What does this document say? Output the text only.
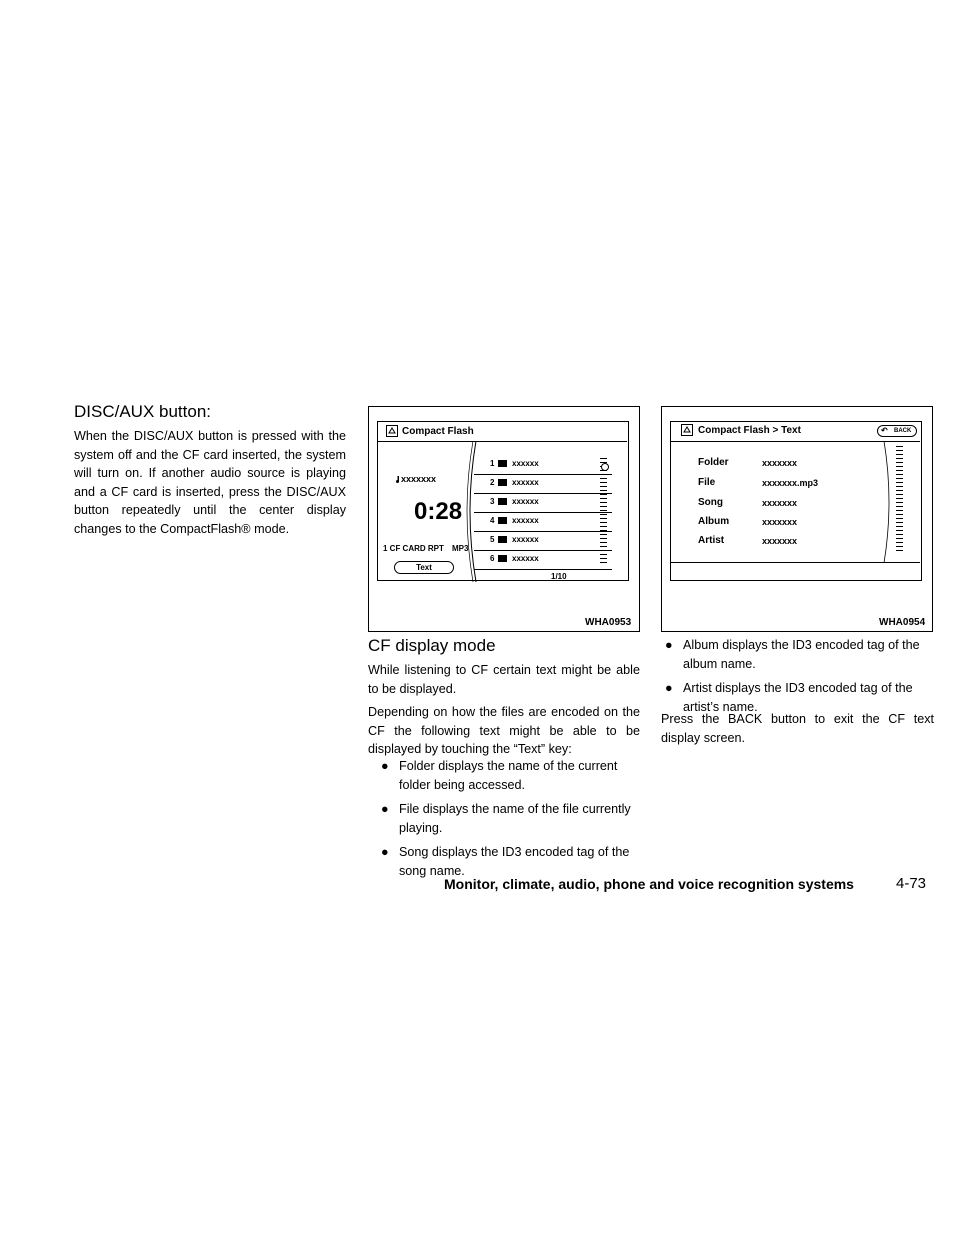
DISC/AUX button:

When the DISC/AUX button is pressed with the system off and the CF card inserted, the system will turn on. If another audio source is playing and a CF card is inserted, press the DISC/AUX button repeatedly until the center display changes to the CompactFlash® mode.

Compact Flash
xxxxxxx
0:28
1 CF CARD RPT MP3
Text
1 xxxxxx
2 xxxxxx
3 xxxxxx
4 xxxxxx
5 xxxxxx
6 xxxxxx
1/10
WHA0953
Compact Flash > Text	↶ BACK
Folder	xxxxxxx
File	xxxxxxx.mp3
Song	xxxxxxx
Album	xxxxxxx
Artist	xxxxxxx
WHA0954
CF display mode

While listening to CF certain text might be able to be displayed.

Depending on how the files are encoded on the CF the following text might be able to be displayed by touching the “Text” key:

● Folder displays the name of the current folder being accessed.
● File displays the name of the file currently playing.
● Song displays the ID3 encoded tag of the song name.
● Album displays the ID3 encoded tag of the album name.
● Artist displays the ID3 encoded tag of the artist’s name.

Press the BACK button to exit the CF text display screen.

Monitor, climate, audio, phone and voice recognition systems	4-73
